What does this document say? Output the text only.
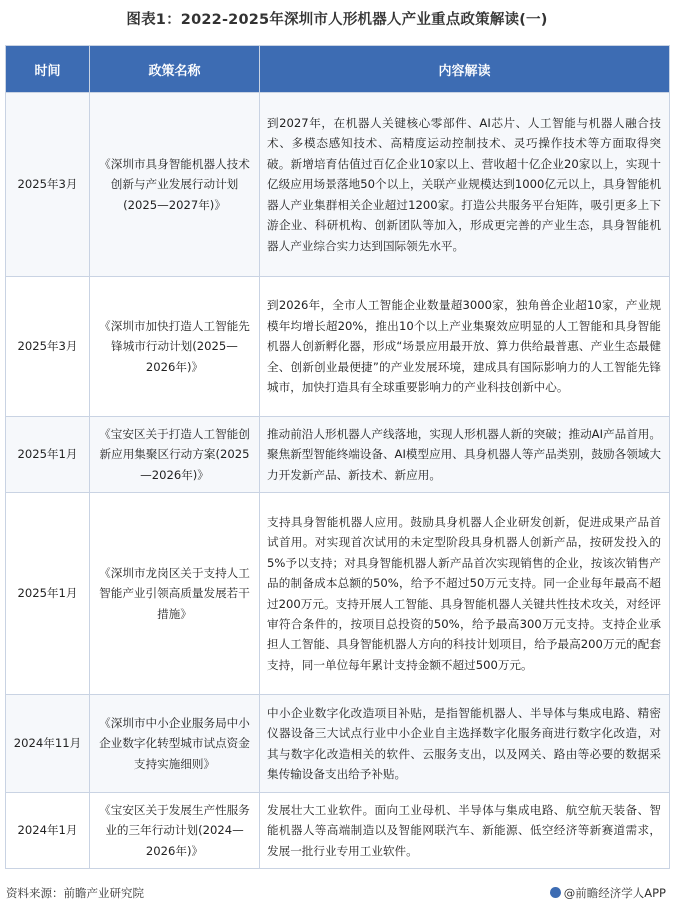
图表1：2022-2025年深圳市人形机器人产业重点政策解读(一)
时间	政策名称	内容解读
2025年3月	《深圳市具身智能机器人技术创新与产业发展行动计划(2025—2027年)》	到2027年，在机器人关键核心零部件、AI芯片、人工智能与机器人融合技术、多模态感知技术、高精度运动控制技术、灵巧操作技术等方面取得突破。新增培育估值过百亿企业10家以上、营收超十亿企业20家以上，实现十亿级应用场景落地50个以上，关联产业规模达到1000亿元以上，具身智能机器人产业集群相关企业超过1200家。打造公共服务平台矩阵，吸引更多上下游企业、科研机构、创新团队等加入，形成更完善的产业生态，具身智能机器人产业综合实力达到国际领先水平。
2025年3月	《深圳市加快打造人工智能先锋城市行动计划(2025—2026年)》	到2026年，全市人工智能企业数量超3000家，独角兽企业超10家，产业规模年均增长超20%，推出10个以上产业集聚效应明显的人工智能和具身智能机器人创新孵化器，形成“场景应用最开放、算力供给最普惠、产业生态最健全、创新创业最便捷”的产业发展环境，建成具有国际影响力的人工智能先锋城市，加快打造具有全球重要影响力的产业科技创新中心。
2025年1月	《宝安区关于打造人工智能创新应用集聚区行动方案(2025—2026年)》	推动前沿人形机器人产线落地，实现人形机器人新的突破；推动AI产品首用。聚焦新型智能终端设备、AI模型应用、具身机器人等产品类别，鼓励各领域大力开发新产品、新技术、新应用。
2025年1月	《深圳市龙岗区关于支持人工智能产业引领高质量发展若干措施》	支持具身智能机器人应用。鼓励具身机器人企业研发创新，促进成果产品首试首用。对实现首次试用的未定型阶段具身机器人创新产品，按研发投入的5%予以支持；对具身智能机器人新产品首次实现销售的企业，按该次销售产品的制备成本总额的50%，给予不超过50万元支持。同一企业每年最高不超过200万元。支持开展人工智能、具身智能机器人关键共性技术攻关，对经评审符合条件的，按项目总投资的50%，给予最高300万元支持。支持企业承担人工智能、具身智能机器人方向的科技计划项目，给予最高200万元的配套支持，同一单位每年累计支持金额不超过500万元。
2024年11月	《深圳市中小企业服务局中小企业数字化转型城市试点资金支持实施细则》	中小企业数字化改造项目补贴，是指智能机器人、半导体与集成电路、精密仪器设备三大试点行业中小企业自主选择数字化服务商进行数字化改造，对其与数字化改造相关的软件、云服务支出，以及网关、路由等必要的数据采集传输设备支出给予补贴。
2024年1月	《宝安区关于发展生产性服务业的三年行动计划(2024—2026年)》	发展壮大工业软件。面向工业母机、半导体与集成电路、航空航天装备、智能机器人等高端制造以及智能网联汽车、新能源、低空经济等新赛道需求，发展一批行业专用工业软件。
资料来源：前瞻产业研究院	@前瞻经济学人APP
